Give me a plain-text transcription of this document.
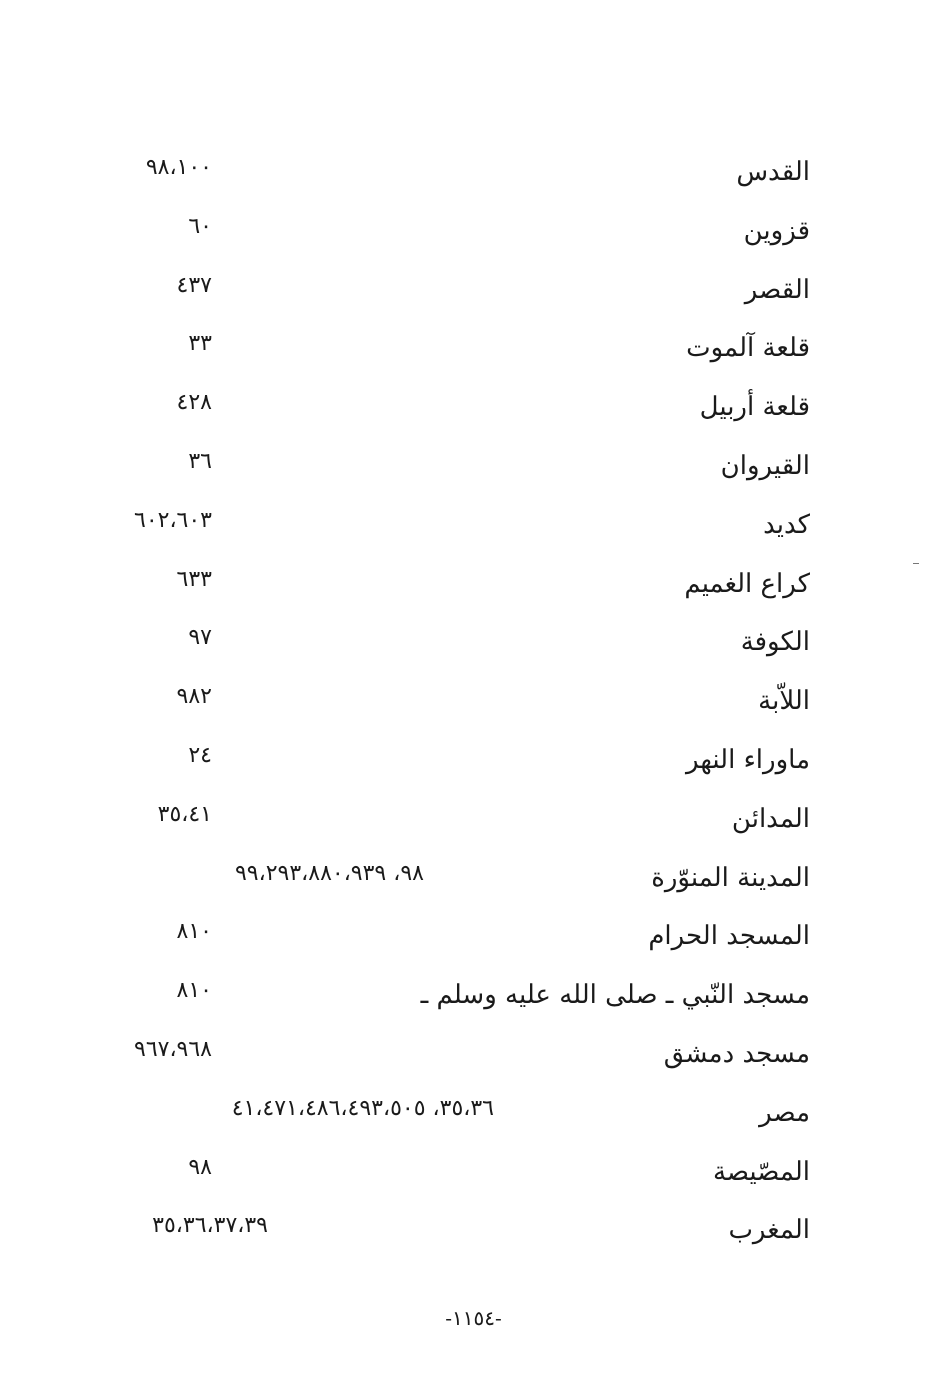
القدس
٩٨،١٠٠
قزوين
٦٠
القصر
٤٣٧
قلعة آلموت
٣٣
قلعة أربيل
٤٢٨
القيروان
٣٦
كديد
٦٠٢،٦٠٣
كراع الغميم
٦٣٣
الكوفة
٩٧
اللاّبة
٩٨٢
ماوراء النهر
٢٤
المدائن
٣٥،٤١
المدينة المنوّرة
٩٨، ٩٩،٢٩٣،٨٨٠،٩٣٩
المسجد الحرام
٨١٠
مسجد النّبي ـ صلى الله عليه وسلم ـ
٨١٠
مسجد دمشق
٩٦٧،٩٦٨
مصر
٣٥،٣٦، ٤١،٤٧١،٤٨٦،٤٩٣،٥٠٥
المصّيصة
٩٨
المغرب
٣٥،٣٦،٣٧،٣٩
-١١٥٤-
